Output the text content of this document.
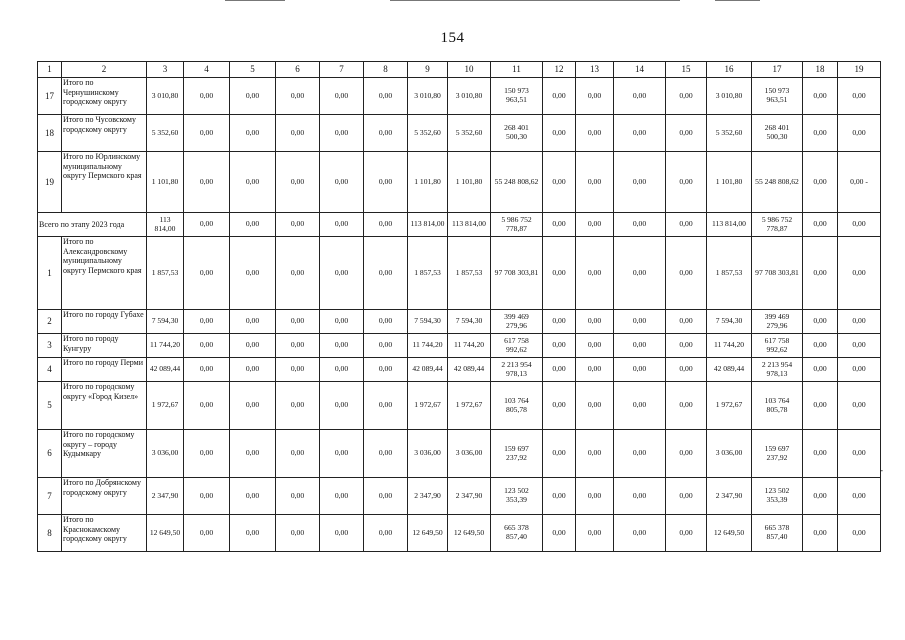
154
1	2	3	4	5	6	7	8	9	10	11	12	13	14	15	16	17	18	19
17	Итого по Чернушинскому городскому округу	3 010,80	0,00	0,00	0,00	0,00	0,00	3 010,80	3 010,80	150 973 963,51	0,00	0,00	0,00	0,00	3 010,80	150 973 963,51	0,00	0,00
18	Итого по Чусовскому городскому округу	5 352,60	0,00	0,00	0,00	0,00	0,00	5 352,60	5 352,60	268 401 500,30	0,00	0,00	0,00	0,00	5 352,60	268 401 500,30	0,00	0,00
19	Итого по Юрлинскому муниципальному округу Пермского края	1 101,80	0,00	0,00	0,00	0,00	0,00	1 101,80	1 101,80	55 248 808,62	0,00	0,00	0,00	0,00	1 101,80	55 248 808,62	0,00	0,00 -
Всего по этапу 2023 года		113 814,00	0,00	0,00	0,00	0,00	0,00	113 814,00	113 814,00	5 986 752 778,87	0,00	0,00	0,00	0,00	113 814,00	5 986 752 778,87	0,00	0,00
1	Итого по Александровскому муниципальному округу Пермского края	1 857,53	0,00	0,00	0,00	0,00	0,00	1 857,53	1 857,53	97 708 303,81	0,00	0,00	0,00	0,00	1 857,53	97 708 303,81	0,00	0,00
2	Итого по городу Губахе	7 594,30	0,00	0,00	0,00	0,00	0,00	7 594,30	7 594,30	399 469 279,96	0,00	0,00	0,00	0,00	7 594,30	399 469 279,96	0,00	0,00
3	Итого по городу Кунгуру	11 744,20	0,00	0,00	0,00	0,00	0,00	11 744,20	11 744,20	617 758 992,62	0,00	0,00	0,00	0,00	11 744,20	617 758 992,62	0,00	0,00
4	Итого по городу Перми	42 089,44	0,00	0,00	0,00	0,00	0,00	42 089,44	42 089,44	2 213 954 978,13	0,00	0,00	0,00	0,00	42 089,44	2 213 954 978,13	0,00	0,00
5	Итого по городскому округу «Город Кизел»	1 972,67	0,00	0,00	0,00	0,00	0,00	1 972,67	1 972,67	103 764 805,78	0,00	0,00	0,00	0,00	1 972,67	103 764 805,78	0,00	0,00
6	Итого по городскому округу – городу Кудымкару	3 036,00	0,00	0,00	0,00	0,00	0,00	3 036,00	3 036,00	159 697 237,92	0,00	0,00	0,00	0,00	3 036,00	159 697 237,92	0,00	0,00
7	Итого по Добрянскому городскому округу	2 347,90	0,00	0,00	0,00	0,00	0,00	2 347,90	2 347,90	123 502 353,39	0,00	0,00	0,00	0,00	2 347,90	123 502 353,39	0,00	0,00
8	Итого по Краснокамскому городскому округу	12 649,50	0,00	0,00	0,00	0,00	0,00	12 649,50	12 649,50	665 378 857,40	0,00	0,00	0,00	0,00	12 649,50	665 378 857,40	0,00	0,00
-
